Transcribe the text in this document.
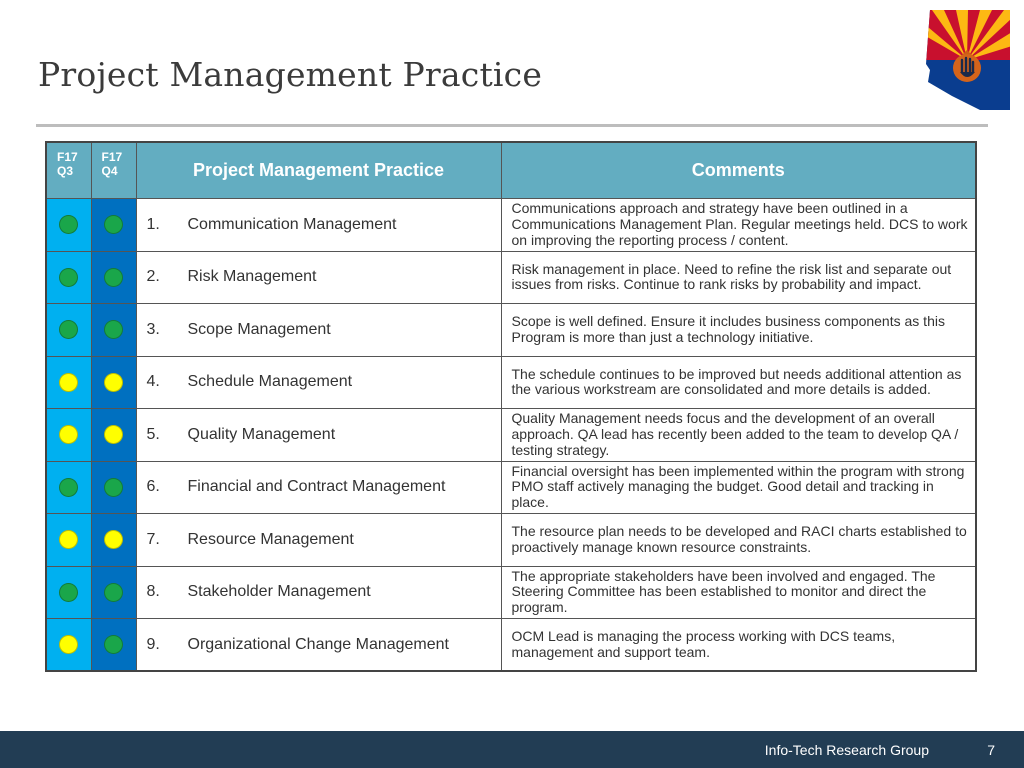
Project Management Practice
F17 Q3	F17 Q4	Project Management Practice	Comments
		1. Communication Management	Communications approach and strategy have been outlined in a Communications Management Plan. Regular meetings held. DCS to work on improving the reporting process / content.
		2. Risk Management	Risk management in place. Need to refine the risk list and separate out issues from risks. Continue to rank risks by probability and impact.
		3. Scope Management	Scope is well defined. Ensure it includes business components as this Program is more than just a technology initiative.
		4. Schedule Management	The schedule continues to be improved but needs additional attention as the various workstream are consolidated and more details is added.
		5. Quality Management	Quality Management needs focus and the development of an overall approach. QA lead has recently been added to the team to develop QA / testing strategy.
		6. Financial and Contract Management	Financial oversight has been implemented within the program with strong PMO staff actively managing the budget. Good detail and tracking in place.
		7. Resource Management	The resource plan needs to be developed and RACI charts established to proactively manage known resource constraints.
		8. Stakeholder Management	The appropriate stakeholders have been involved and engaged. The Steering Committee has been established to monitor and direct the program.
		9. Organizational Change Management	OCM Lead is managing the process working with DCS teams, management and support team.
Info-Tech Research Group	7
